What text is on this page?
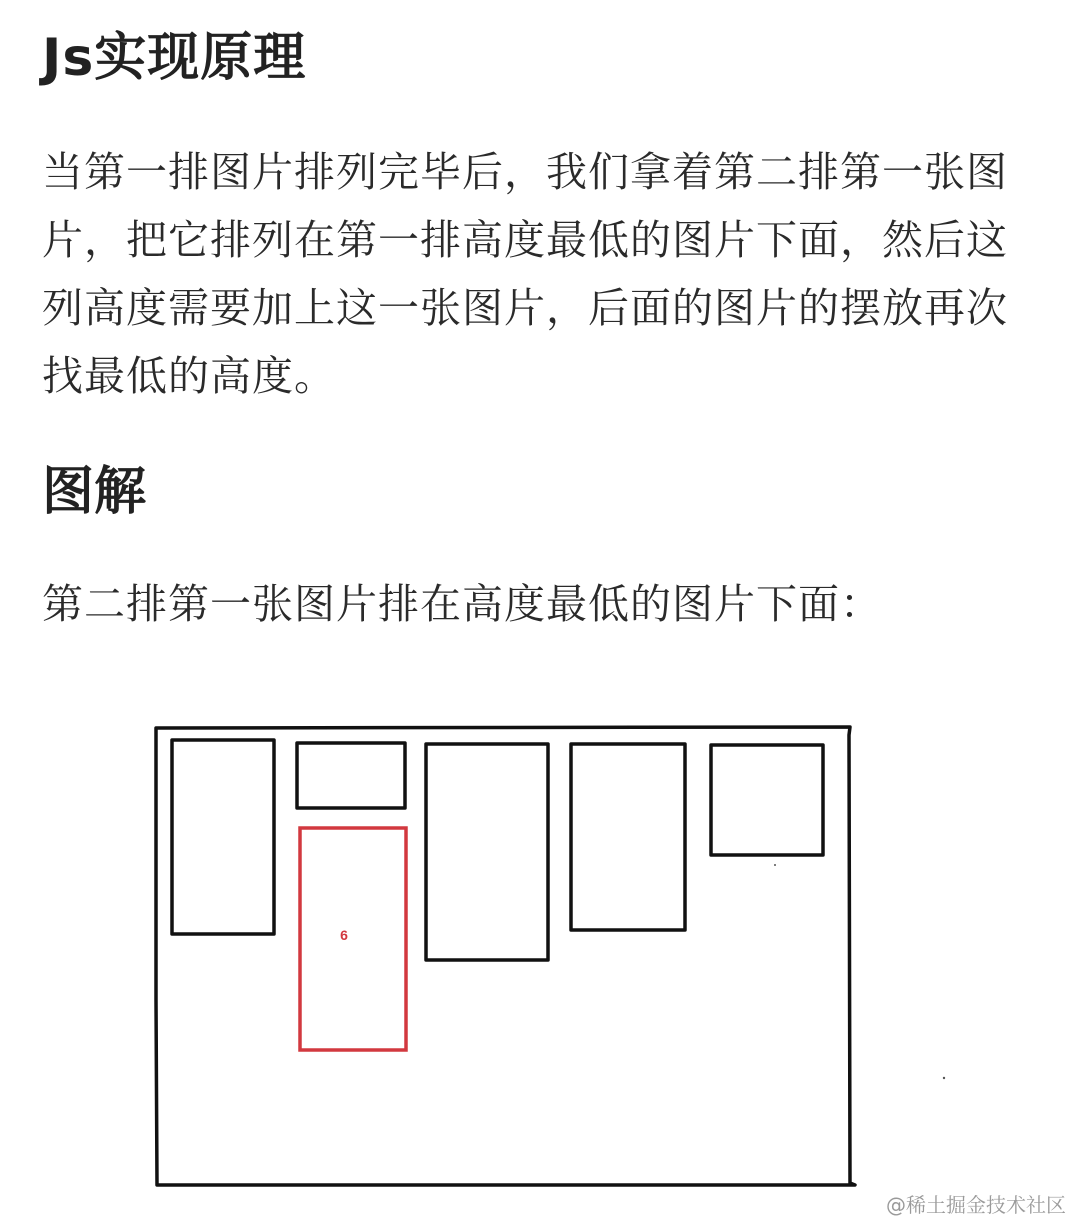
Js实现原理
当第一排图片排列完毕后，我们拿着第二排第一张图
片，把它排列在第一排高度最低的图片下面，然后这
列高度需要加上这一张图片，后面的图片的摆放再次
找最低的高度。
图解
第二排第一张图片排在高度最低的图片下面：
6
@稀土掘金技术社区
